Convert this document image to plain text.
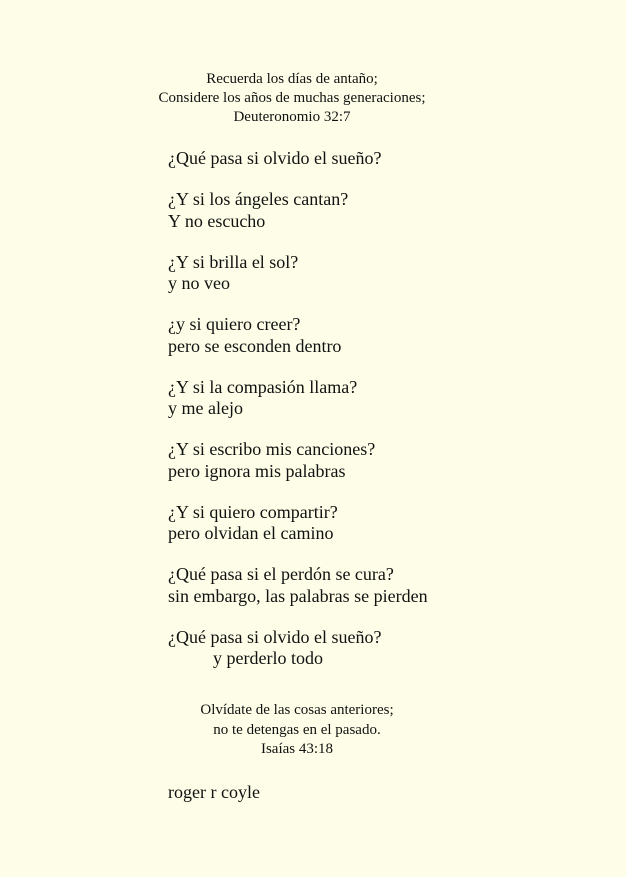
Recuerda los días de antaño;
Considere los años de muchas generaciones;
Deuteronomio 32:7
¿Qué pasa si olvido el sueño?
¿Y si los ángeles cantan?
Y no escucho
¿Y si brilla el sol?
y no veo
¿y si quiero creer?
pero se esconden dentro
¿Y si la compasión llama?
y me alejo
¿Y si escribo mis canciones?
pero ignora mis palabras
¿Y si quiero compartir?
pero olvidan el camino
¿Qué pasa si el perdón se cura?
sin embargo, las palabras se pierden
¿Qué pasa si olvido el sueño?
y perderlo todo
Olvídate de las cosas anteriores;
no te detengas en el pasado.
Isaías 43:18
roger r coyle
